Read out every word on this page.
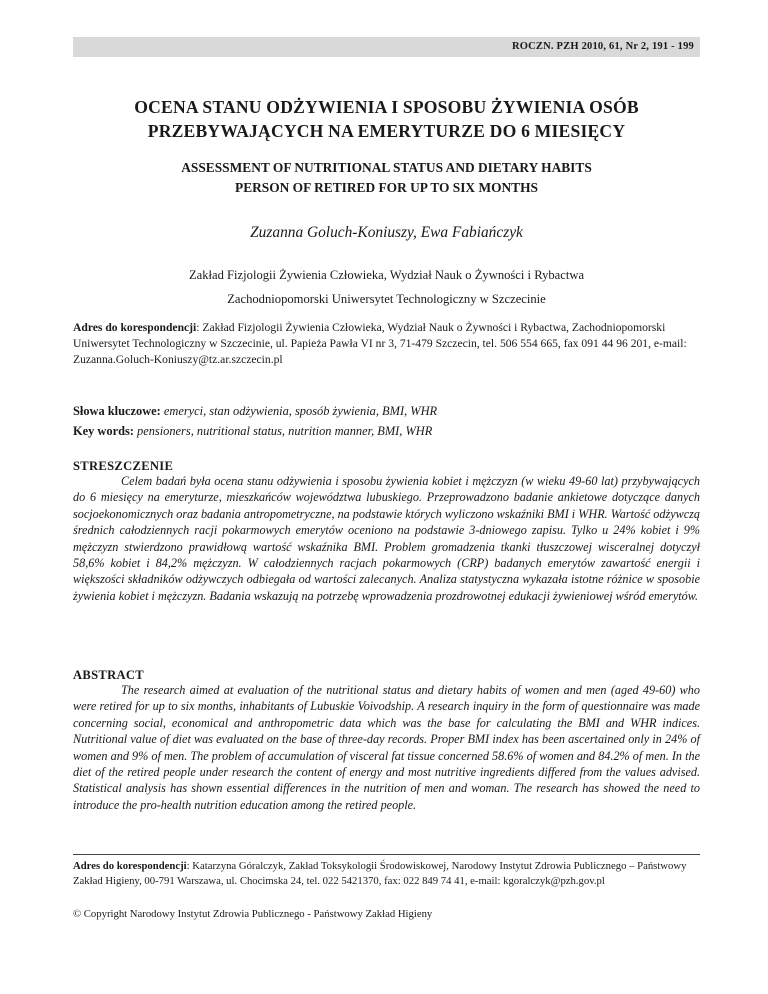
ROCZN. PZH 2010, 61, Nr 2, 191 - 199
OCENA STANU ODŻYWIENIA I SPOSOBU ŻYWIENIA OSÓB
PRZEBYWAJĄCYCH NA EMERYTURZE DO 6 MIESIĘCY
ASSESSMENT OF NUTRITIONAL STATUS AND DIETARY HABITS
PERSON OF RETIRED FOR UP TO SIX MONTHS
Zuzanna Goluch-Koniuszy, Ewa Fabiańczyk
Zakład Fizjologii Żywienia Człowieka, Wydział Nauk o Żywności i Rybactwa
Zachodniopomorski Uniwersytet Technologiczny w Szczecinie
Adres do korespondencji: Zakład Fizjologii Żywienia Człowieka, Wydział Nauk o Żywności i Rybactwa, Zachodniopomorski Uniwersytet Technologiczny w Szczecinie, ul. Papieża Pawła VI nr 3, 71-479 Szczecin, tel. 506 554 665, fax 091 44 96 201, e-mail: Zuzanna.Goluch-Koniuszy@tz.ar.szczecin.pl
Słowa kluczowe: emeryci, stan odżywienia, sposób żywienia, BMI, WHR
Key words: pensioners, nutritional status, nutrition manner, BMI, WHR
STRESZCZENIE
Celem badań była ocena stanu odżywienia i sposobu żywienia kobiet i mężczyzn (w wieku 49-60 lat) przybywających do 6 miesięcy na emeryturze, mieszkańców województwa lubuskiego. Przeprowadzono badanie ankietowe dotyczące danych socjoekonomicznych oraz badania antropometryczne, na podstawie których wyliczono wskaźniki BMI i WHR. Wartość odżywczą średnich całodziennych racji pokarmowych emerytów oceniono na podstawie 3-dniowego zapisu. Tylko u 24% kobiet i 9% mężczyzn stwierdzono prawidłową wartość wskaźnika BMI. Problem gromadzenia tkanki tłuszczowej wisceralnej dotyczył 58,6% kobiet i 84,2% mężczyzn. W całodziennych racjach pokarmowych (CRP) badanych emerytów zawartość energii i większości składników odżywczych odbiegała od wartości zalecanych. Analiza statystyczna wykazała istotne różnice w sposobie żywienia kobiet i mężczyzn. Badania wskazują na potrzebę wprowadzenia prozdrowotnej edukacji żywieniowej wśród emerytów.
ABSTRACT
The research aimed at evaluation of the nutritional status and dietary habits of women and men (aged 49-60) who were retired for up to six months, inhabitants of Lubuskie Voivodship. A research inquiry in the form of questionnaire was made concerning social, economical and anthropometric data which was the base for calculating the BMI and WHR indices. Nutritional value of diet was evaluated on the base of three-day records. Proper BMI index has been ascertained only in 24% of women and 9% of men. The problem of accumulation of visceral fat tissue concerned 58.6% of women and 84.2% of men. In the diet of the retired people under research the content of energy and most nutritive ingredients differed from the values advised. Statistical analysis has shown essential differences in the nutrition of men and woman. The research has showed the need to introduce the pro-health nutrition education among the retired people.
Adres do korespondencji: Katarzyna Góralczyk, Zakład Toksykologii Środowiskowej, Narodowy Instytut Zdrowia Publicznego – Państwowy Zakład Higieny, 00-791 Warszawa, ul. Chocimska 24, tel. 022 5421370, fax: 022 849 74 41, e-mail: kgoralczyk@pzh.gov.pl
© Copyright Narodowy Instytut Zdrowia Publicznego - Państwowy Zakład Higieny
